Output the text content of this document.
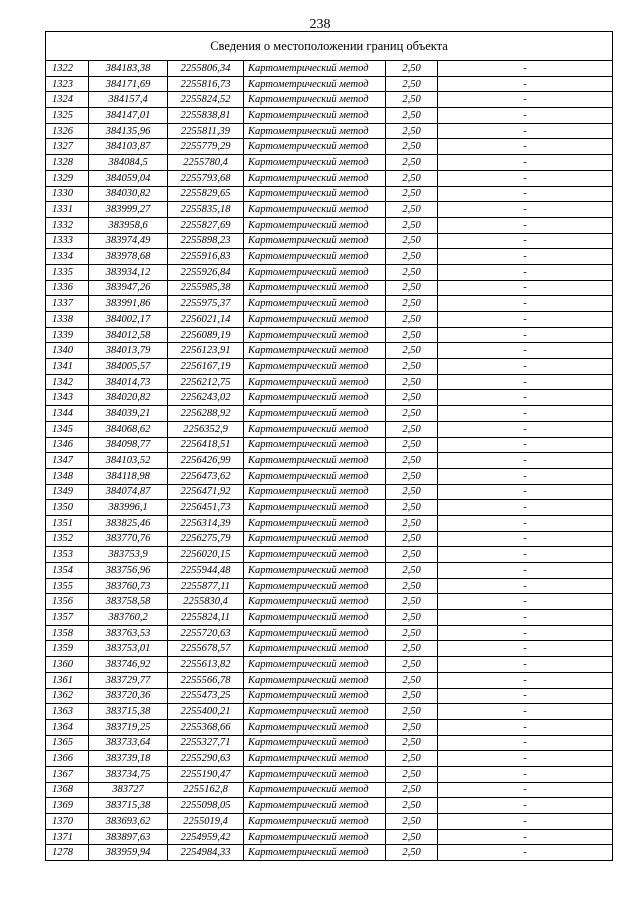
238
Сведения о местоположении границ объекта					
1322	384183,38	2255806,34	Картометрический метод	2,50	-
1323	384171,69	2255816,73	Картометрический метод	2,50	-
1324	384157,4	2255824,52	Картометрический метод	2,50	-
1325	384147,01	2255838,81	Картометрический метод	2,50	-
1326	384135,96	2255811,39	Картометрический метод	2,50	-
1327	384103,87	2255779,29	Картометрический метод	2,50	-
1328	384084,5	2255780,4	Картометрический метод	2,50	-
1329	384059,04	2255793,68	Картометрический метод	2,50	-
1330	384030,82	2255829,65	Картометрический метод	2,50	-
1331	383999,27	2255835,18	Картометрический метод	2,50	-
1332	383958,6	2255827,69	Картометрический метод	2,50	-
1333	383974,49	2255898,23	Картометрический метод	2,50	-
1334	383978,68	2255916,83	Картометрический метод	2,50	-
1335	383934,12	2255926,84	Картометрический метод	2,50	-
1336	383947,26	2255985,38	Картометрический метод	2,50	-
1337	383991,86	2255975,37	Картометрический метод	2,50	-
1338	384002,17	2256021,14	Картометрический метод	2,50	-
1339	384012,58	2256089,19	Картометрический метод	2,50	-
1340	384013,79	2256123,91	Картометрический метод	2,50	-
1341	384005,57	2256167,19	Картометрический метод	2,50	-
1342	384014,73	2256212,75	Картометрический метод	2,50	-
1343	384020,82	2256243,02	Картометрический метод	2,50	-
1344	384039,21	2256288,92	Картометрический метод	2,50	-
1345	384068,62	2256352,9	Картометрический метод	2,50	-
1346	384098,77	2256418,51	Картометрический метод	2,50	-
1347	384103,52	2256426,99	Картометрический метод	2,50	-
1348	384118,98	2256473,62	Картометрический метод	2,50	-
1349	384074,87	2256471,92	Картометрический метод	2,50	-
1350	383996,1	2256451,73	Картометрический метод	2,50	-
1351	383825,46	2256314,39	Картометрический метод	2,50	-
1352	383770,76	2256275,79	Картометрический метод	2,50	-
1353	383753,9	2256020,15	Картометрический метод	2,50	-
1354	383756,96	2255944,48	Картометрический метод	2,50	-
1355	383760,73	2255877,11	Картометрический метод	2,50	-
1356	383758,58	2255830,4	Картометрический метод	2,50	-
1357	383760,2	2255824,11	Картометрический метод	2,50	-
1358	383763,53	2255720,63	Картометрический метод	2,50	-
1359	383753,01	2255678,57	Картометрический метод	2,50	-
1360	383746,92	2255613,82	Картометрический метод	2,50	-
1361	383729,77	2255566,78	Картометрический метод	2,50	-
1362	383720,36	2255473,25	Картометрический метод	2,50	-
1363	383715,38	2255400,21	Картометрический метод	2,50	-
1364	383719,25	2255368,66	Картометрический метод	2,50	-
1365	383733,64	2255327,71	Картометрический метод	2,50	-
1366	383739,18	2255290,63	Картометрический метод	2,50	-
1367	383734,75	2255190,47	Картометрический метод	2,50	-
1368	383727	2255162,8	Картометрический метод	2,50	-
1369	383715,38	2255098,05	Картометрический метод	2,50	-
1370	383693,62	2255019,4	Картометрический метод	2,50	-
1371	383897,63	2254959,42	Картометрический метод	2,50	-
1278	383959,94	2254984,33	Картометрический метод	2,50	-
